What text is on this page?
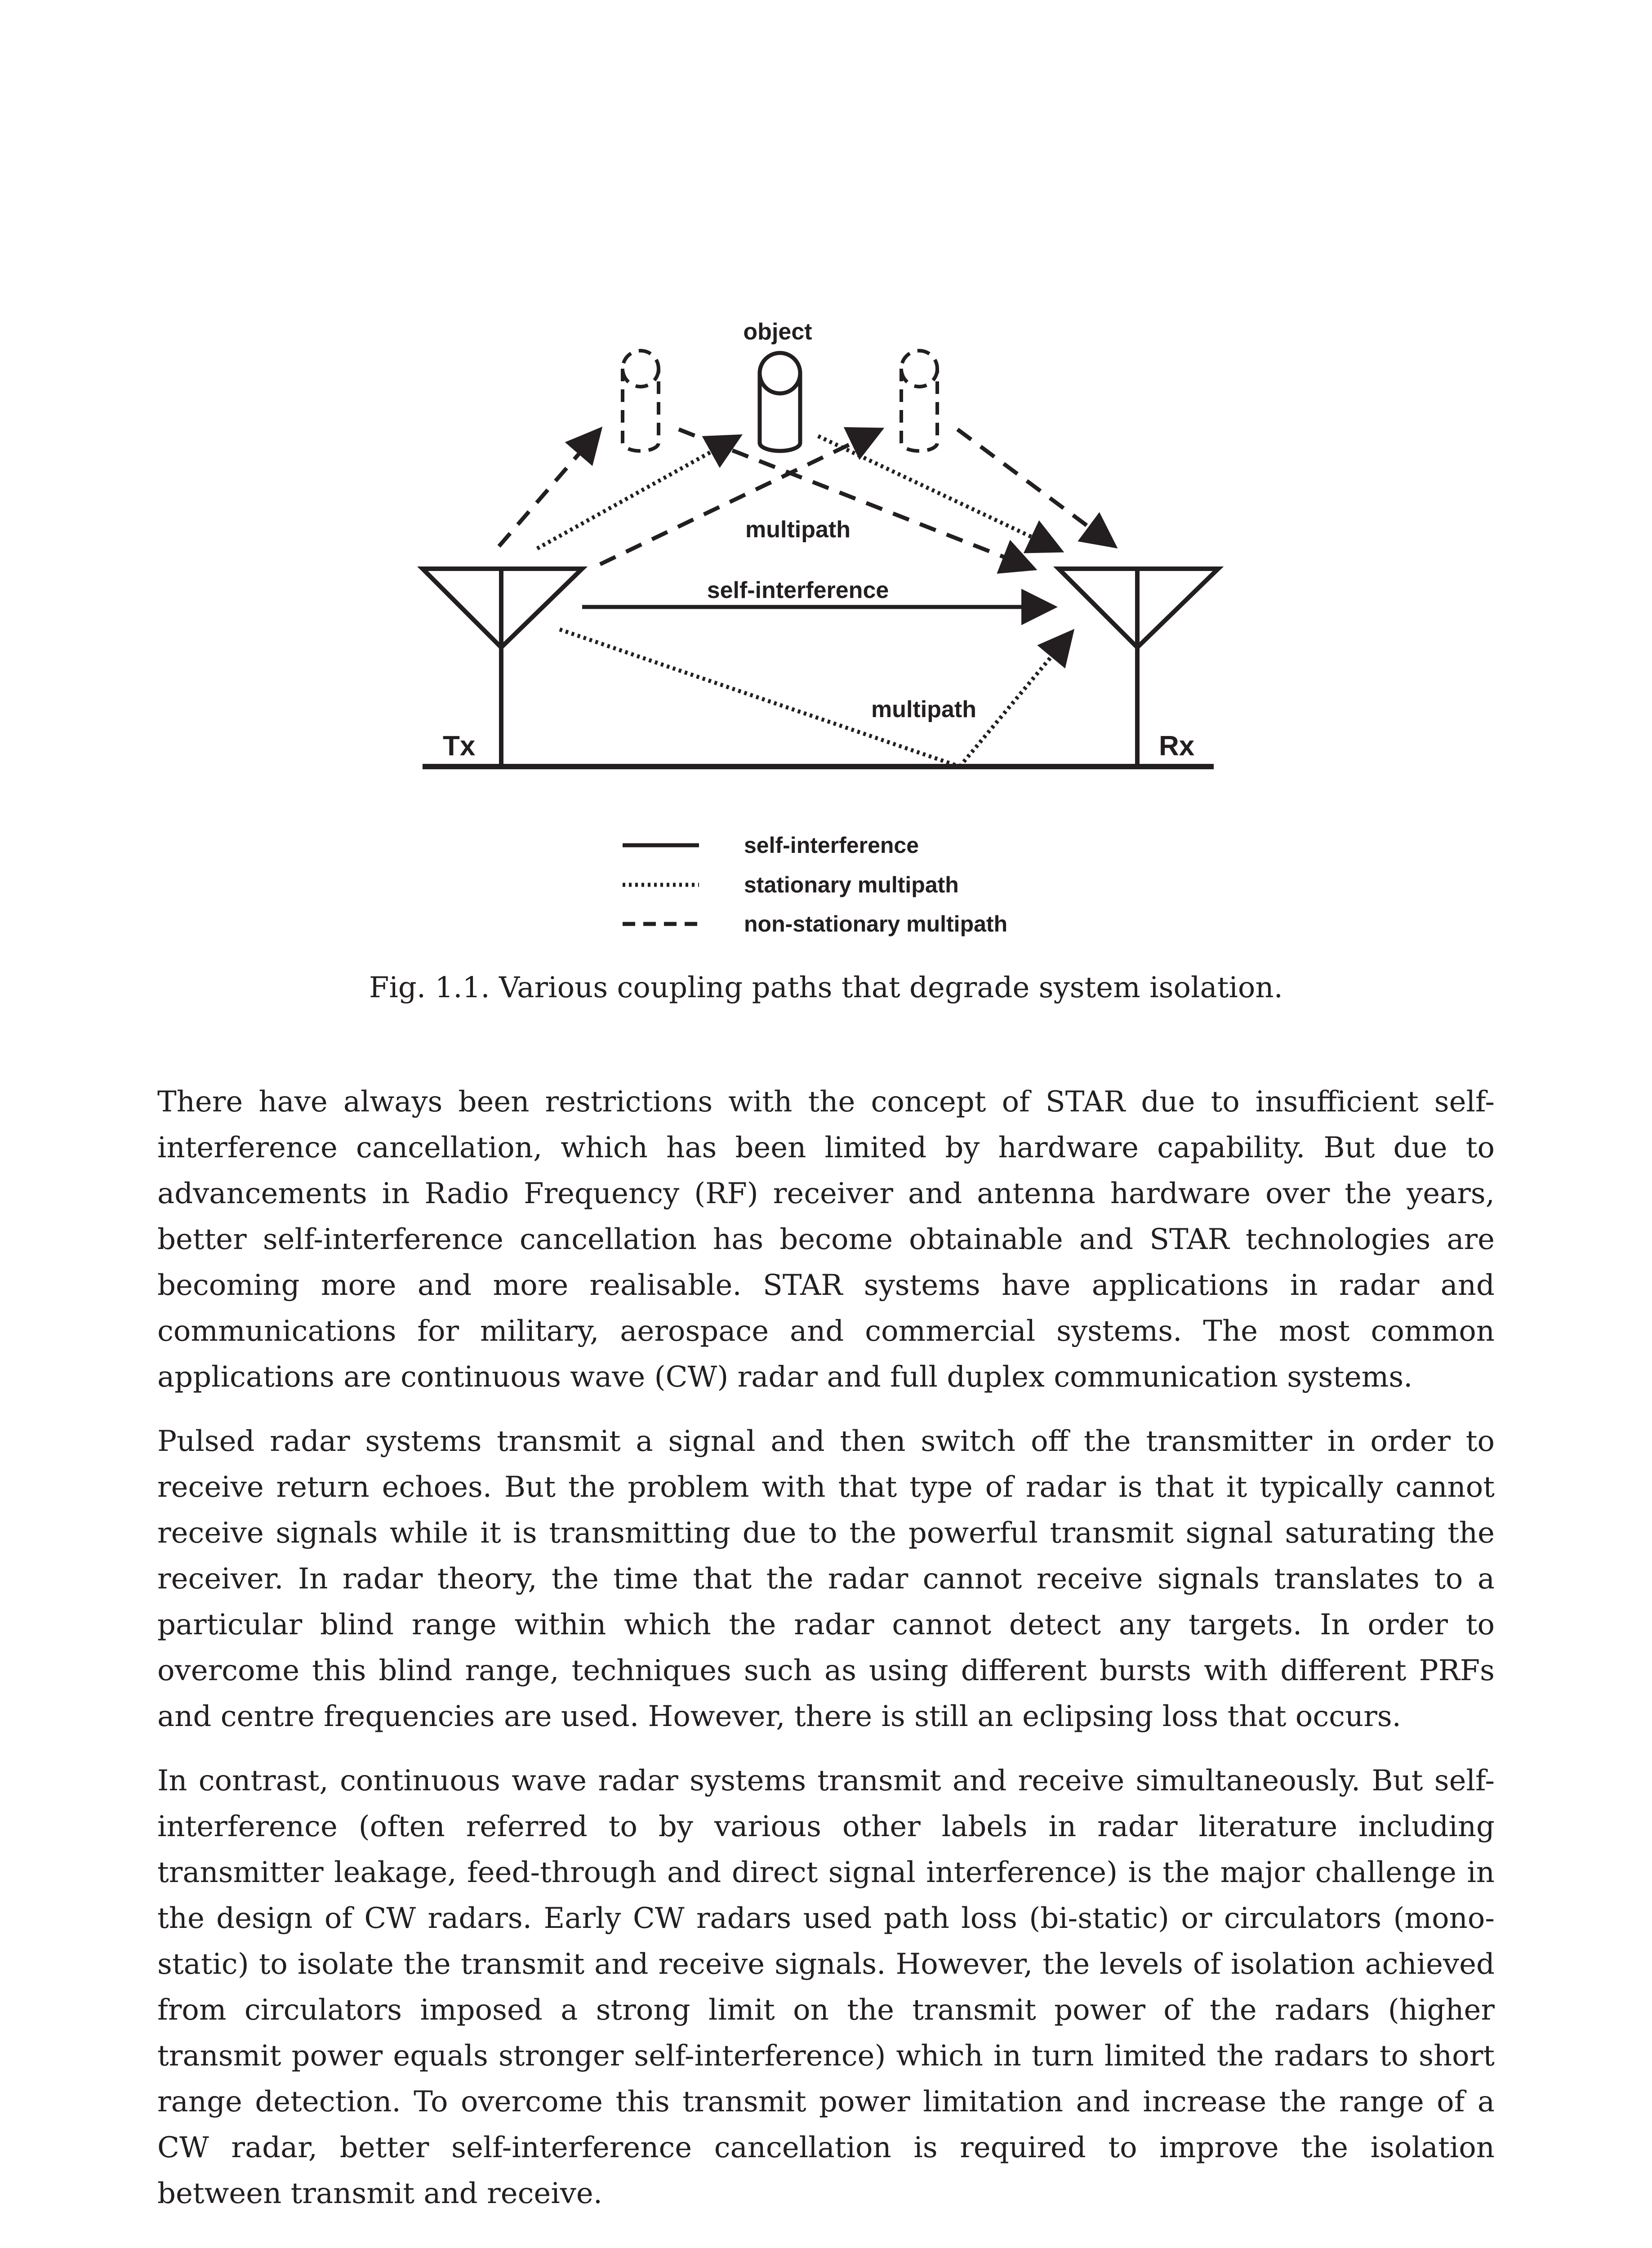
object
multipath
self-interference
multipath
Tx	Rx
self-interference
stationary multipath
non-stationary multipath
Fig. 1.1. Various coupling paths that degrade system isolation.

There have always been restrictions with the concept of STAR due to insufficient self-interference cancellation, which has been limited by hardware capability. But due to advancements in Radio Frequency (RF) receiver and antenna hardware over the years, better self-interference cancellation has become obtainable and STAR technologies are becoming more and more realisable. STAR systems have applications in radar and communications for military, aerospace and commercial systems. The most common applications are continuous wave (CW) radar and full duplex communication systems.

Pulsed radar systems transmit a signal and then switch off the transmitter in order to receive return echoes. But the problem with that type of radar is that it typically cannot receive signals while it is transmitting due to the powerful transmit signal saturating the receiver. In radar theory, the time that the radar cannot receive signals translates to a particular blind range within which the radar cannot detect any targets. In order to overcome this blind range, techniques such as using different bursts with different PRFs and centre frequencies are used. However, there is still an eclipsing loss that occurs.

In contrast, continuous wave radar systems transmit and receive simultaneously. But self-interference (often referred to by various other labels in radar literature including transmitter leakage, feed-through and direct signal interference) is the major challenge in the design of CW radars. Early CW radars used path loss (bi-static) or circulators (mono-static) to isolate the transmit and receive signals. However, the levels of isolation achieved from circulators imposed a strong limit on the transmit power of the radars (higher transmit power equals stronger self-interference) which in turn limited the radars to short range detection. To overcome this transmit power limitation and increase the range of a CW radar, better self-interference cancellation is required to improve the isolation between transmit and receive.
